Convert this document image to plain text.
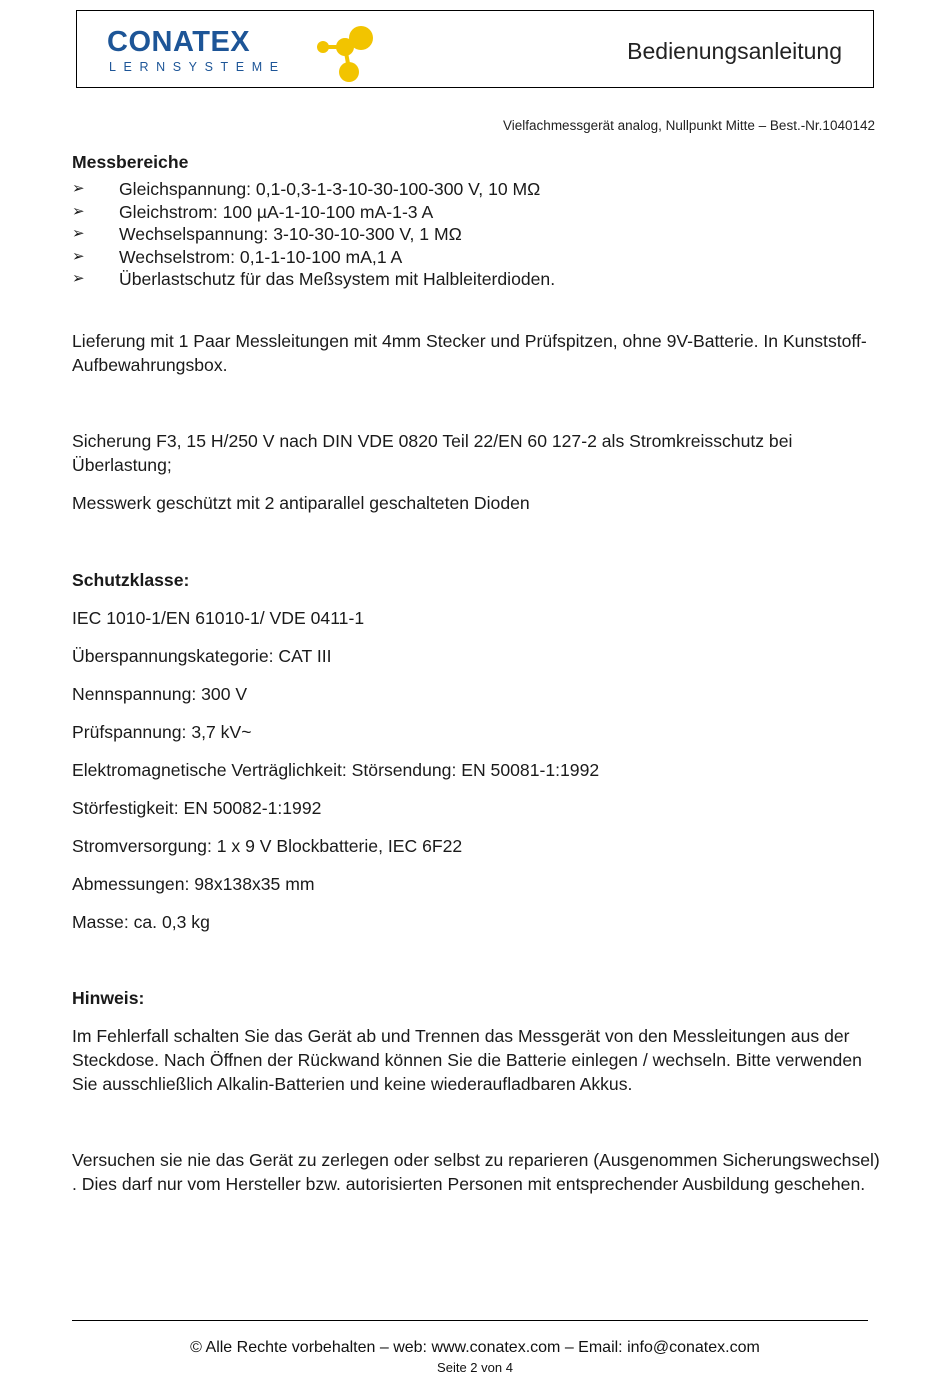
CONATEX
LERNSYSTEME
Bedienungsanleitung
Vielfachmessgerät analog, Nullpunkt Mitte – Best.-Nr.1040142

Messbereiche

➢ Gleichspannung: 0,1-0,3-1-3-10-30-100-300 V, 10 MΩ
➢ Gleichstrom: 100 µA-1-10-100 mA-1-3 A
➢ Wechselspannung: 3-10-30-10-300 V, 1 MΩ
➢ Wechselstrom: 0,1-1-10-100 mA,1 A
➢ Überlastschutz für das Meßsystem mit Halbleiterdioden.

Lieferung mit 1 Paar Messleitungen mit 4mm Stecker und Prüfspitzen, ohne 9V-Batterie. In Kunststoff-Aufbewahrungsbox.

Sicherung F3, 15 H/250 V nach DIN VDE 0820 Teil 22/EN 60 127-2 als Stromkreisschutz bei Überlastung;

Messwerk geschützt mit 2 antiparallel geschalteten Dioden

Schutzklasse:

IEC 1010-1/EN 61010-1/ VDE 0411-1

Überspannungskategorie: CAT III

Nennspannung: 300 V

Prüfspannung: 3,7 kV~

Elektromagnetische Verträglichkeit: Störsendung: EN 50081-1:1992

Störfestigkeit: EN 50082-1:1992

Stromversorgung: 1 x 9 V Blockbatterie, IEC 6F22

Abmessungen: 98x138x35 mm

Masse: ca. 0,3 kg

Hinweis:

Im Fehlerfall schalten Sie das Gerät ab und Trennen das Messgerät von den Messleitungen aus der Steckdose. Nach Öffnen der Rückwand können Sie die Batterie einlegen / wechseln. Bitte verwenden Sie ausschließlich Alkalin-Batterien und keine wiederaufladbaren Akkus.

Versuchen sie nie das Gerät zu zerlegen oder selbst zu reparieren (Ausgenommen Sicherungswechsel) . Dies darf nur vom Hersteller bzw. autorisierten Personen mit entsprechender Ausbildung geschehen.

© Alle Rechte vorbehalten – web: www.conatex.com – Email: info@conatex.com
Seite 2 von 4
